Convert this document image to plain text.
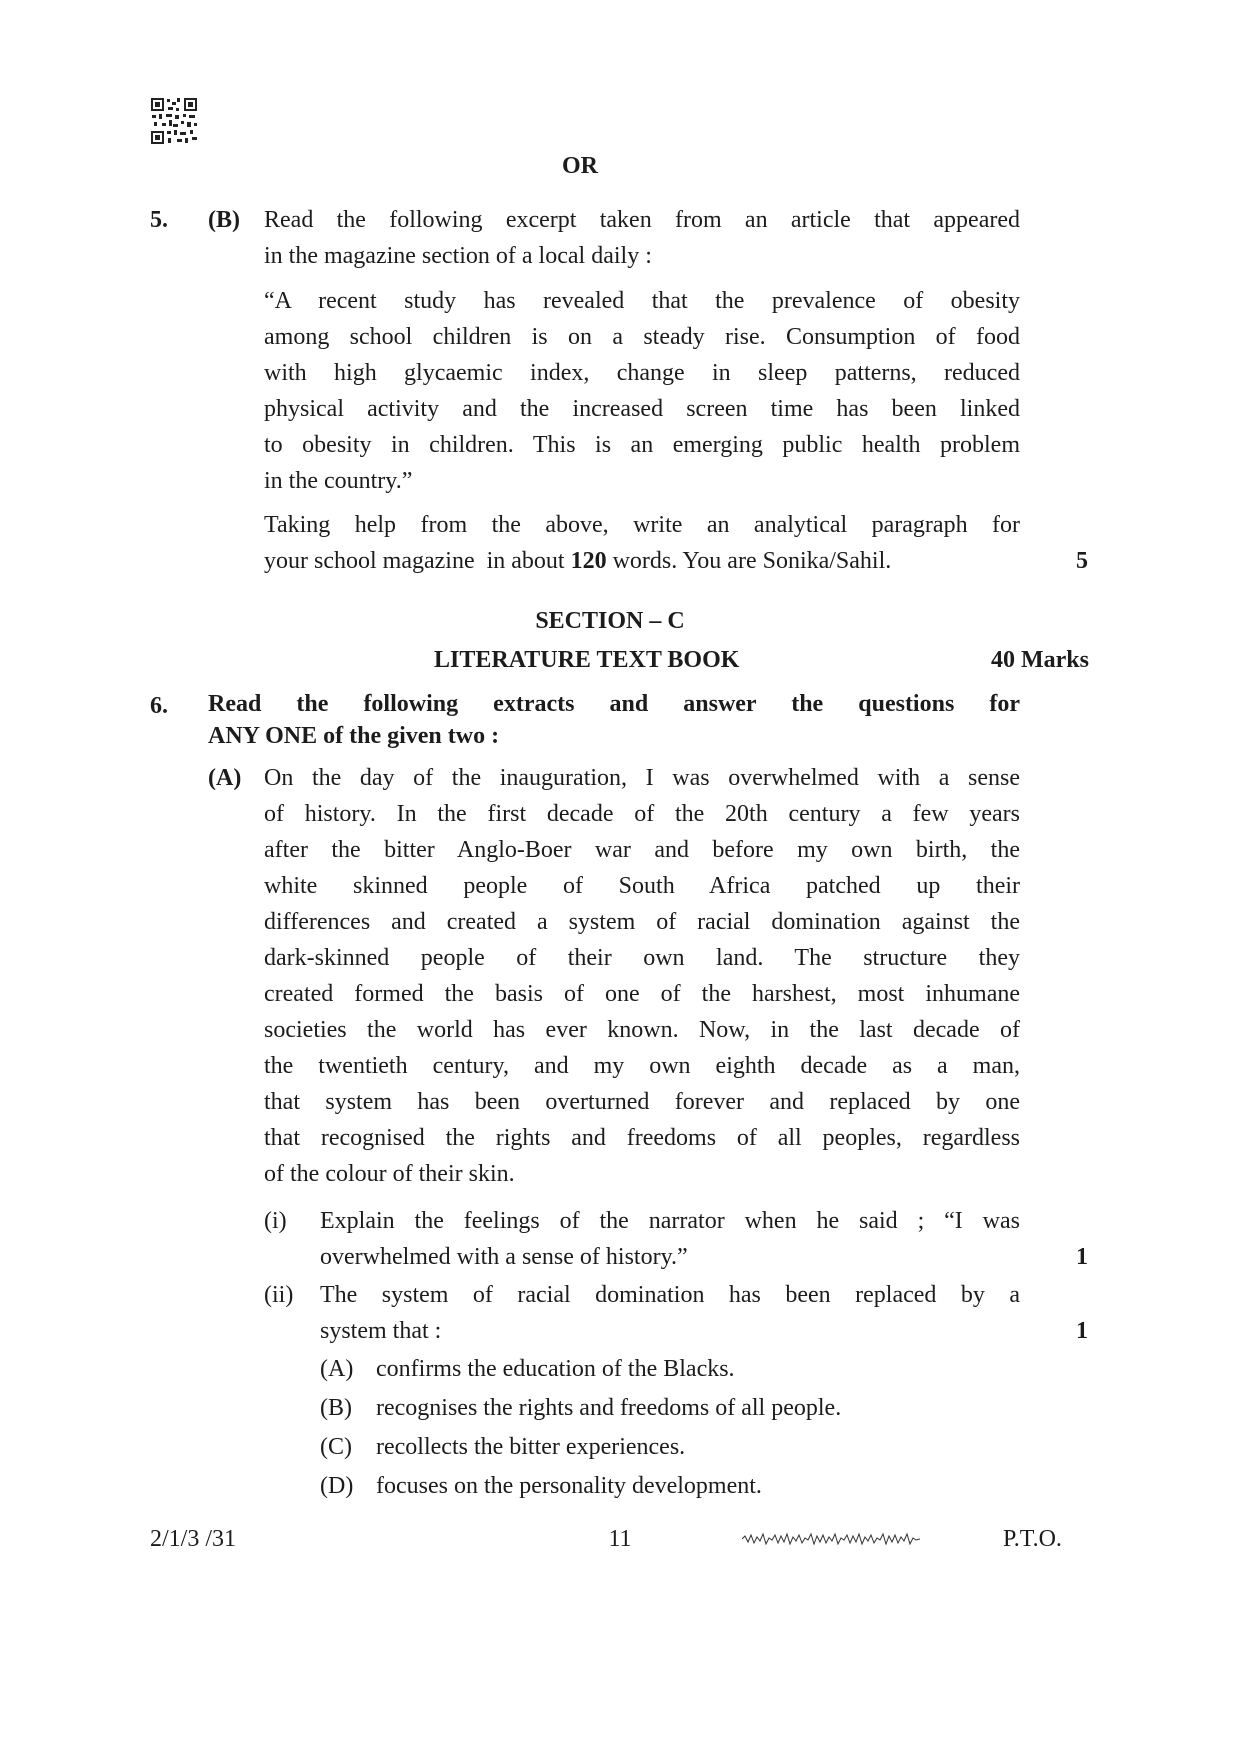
OR
5. (B) Read the following excerpt taken from an article that appeared
in the magazine section of a local daily :
“A recent study has revealed that the prevalence of obesity
among school children is on a steady rise. Consumption of food
with high glycaemic index, change in sleep patterns, reduced
physical activity and the increased screen time has been linked
to obesity in children. This is an emerging public health problem
in the country.”
Taking help from the above, write an analytical paragraph for
your school magazine  in about 120 words. You are Sonika/Sahil.	5
SECTION – C
LITERATURE TEXT BOOK	40 Marks
6. Read the following extracts and answer the questions for
ANY ONE of the given two :
(A) On the day of the inauguration, I was overwhelmed with a sense
of history. In the first decade of the 20th century a few years
after the bitter Anglo-Boer war and before my own birth, the
white skinned people of South Africa patched up their
differences and created a system of racial domination against the
dark-skinned people of their own land. The structure they
created formed the basis of one of the harshest, most inhumane
societies the world has ever known. Now, in the last decade of
the twentieth century, and my own eighth decade as a man,
that system has been overturned forever and replaced by one
that recognised the rights and freedoms of all peoples, regardless
of the colour of their skin.
(i) Explain the feelings of the narrator when he said ; “I was
overwhelmed with a sense of history.”	1
(ii) The system of racial domination has been replaced by a
system that :	1
(A) confirms the education of the Blacks.
(B) recognises the rights and freedoms of all people.
(C) recollects the bitter experiences.
(D) focuses on the personality development.
2/1/3 /31	11	P.T.O.
